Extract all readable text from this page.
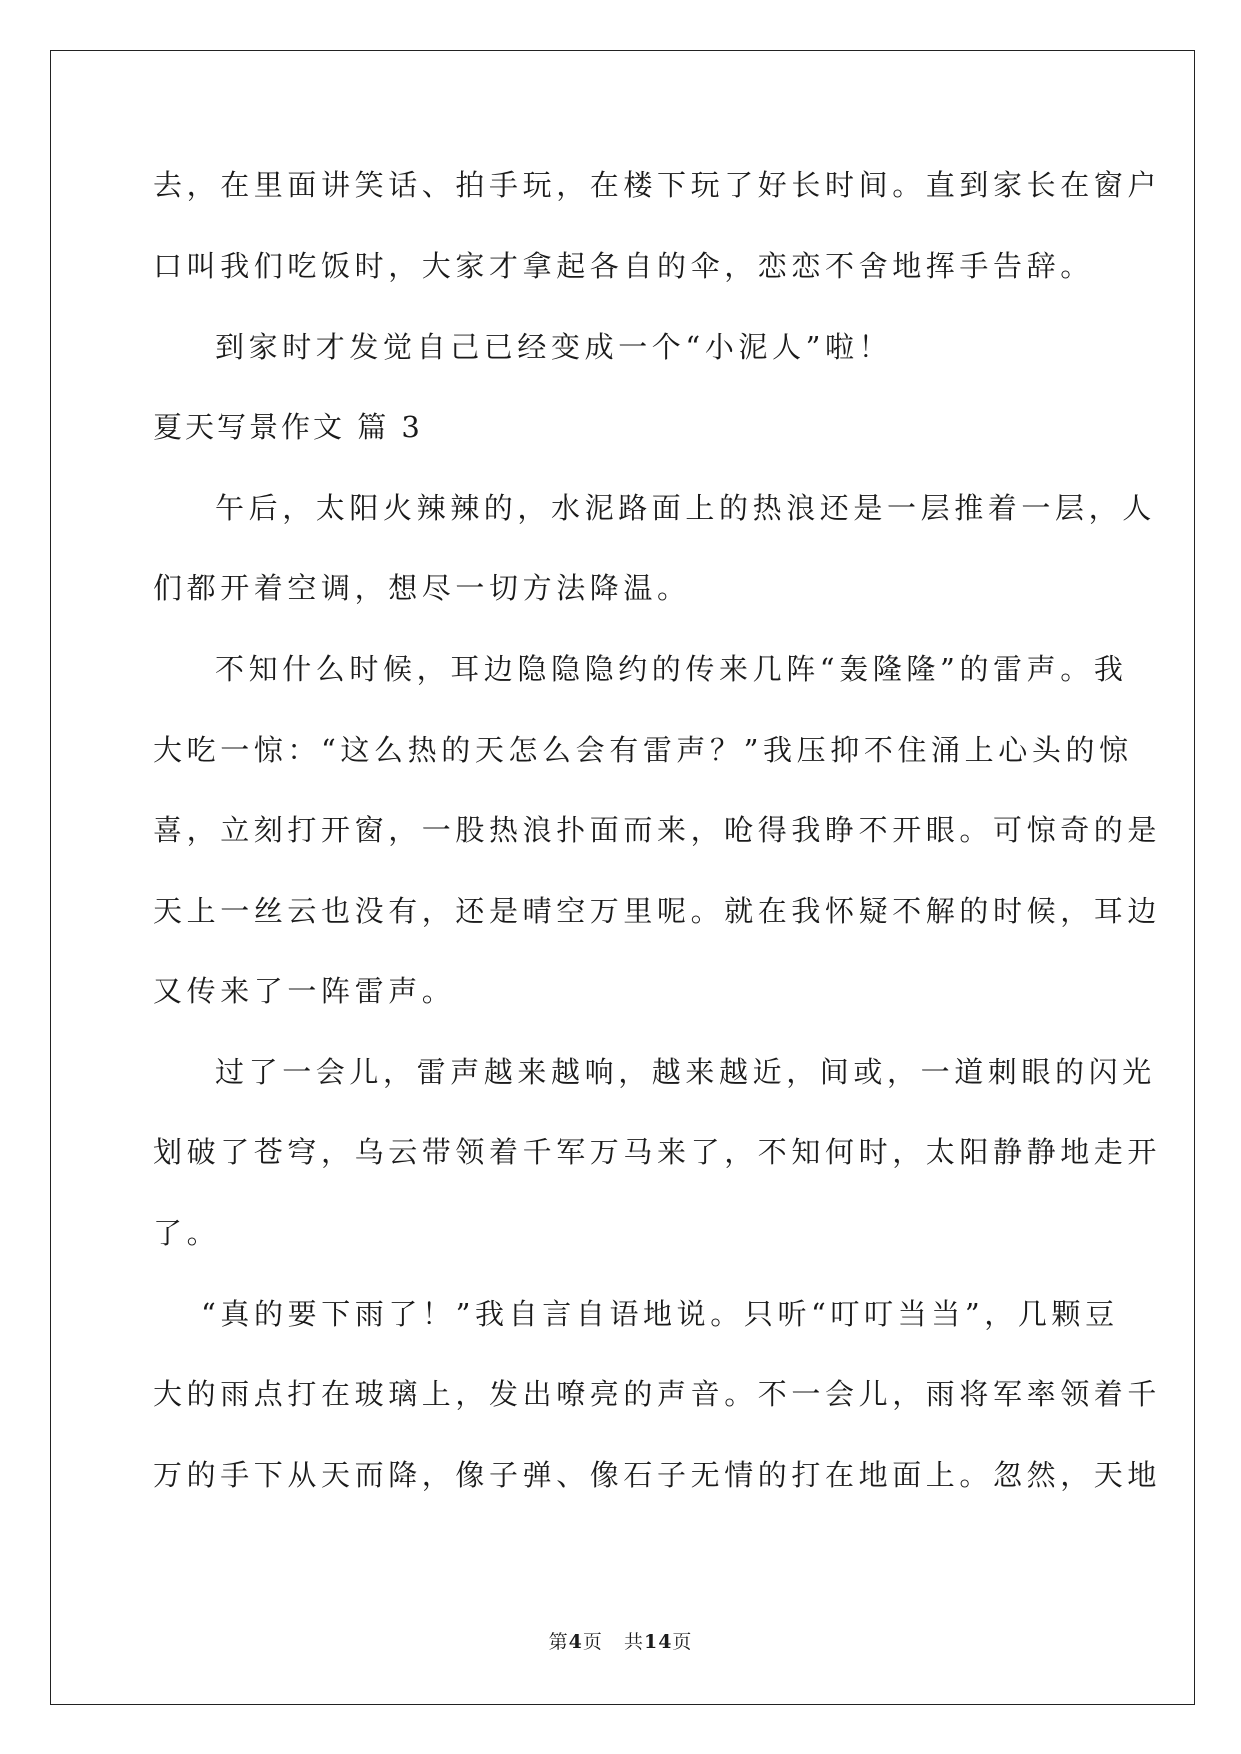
去，在里面讲笑话、拍手玩，在楼下玩了好长时间。直到家长在窗户
口叫我们吃饭时，大家才拿起各自的伞，恋恋不舍地挥手告辞。
到家时才发觉自己已经变成一个“小泥人”啦！
夏天写景作文 篇 3
午后，太阳火辣辣的，水泥路面上的热浪还是一层推着一层，人
们都开着空调，想尽一切方法降温。
不知什么时候，耳边隐隐隐约的传来几阵“轰隆隆”的雷声。我
大吃一惊：“这么热的天怎么会有雷声？”我压抑不住涌上心头的惊
喜，立刻打开窗，一股热浪扑面而来，呛得我睁不开眼。可惊奇的是
天上一丝云也没有，还是晴空万里呢。就在我怀疑不解的时候，耳边
又传来了一阵雷声。
过了一会儿，雷声越来越响，越来越近，间或，一道刺眼的闪光
划破了苍穹，乌云带领着千军万马来了，不知何时，太阳静静地走开
了。
“真的要下雨了！”我自言自语地说。只听“叮叮当当”，几颗豆
大的雨点打在玻璃上，发出嘹亮的声音。不一会儿，雨将军率领着千
万的手下从天而降，像子弹、像石子无情的打在地面上。忽然，天地
第4页 共14页
